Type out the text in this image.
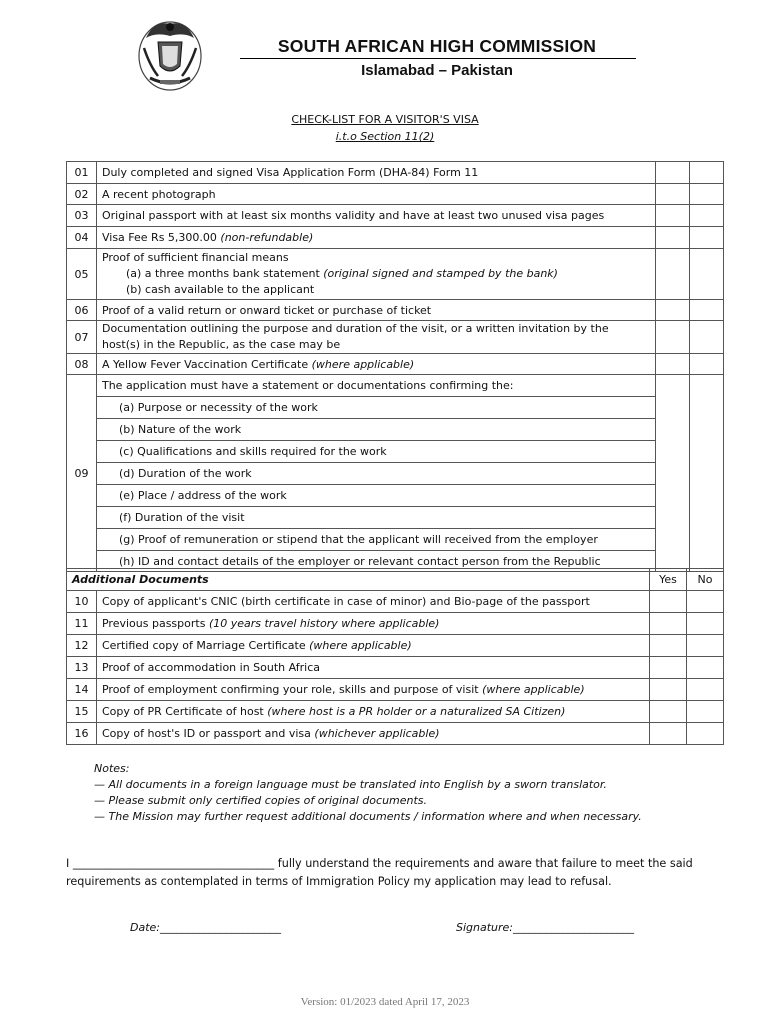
SOUTH AFRICAN HIGH COMMISSION
Islamabad – Pakistan
CHECK-LIST FOR A VISITOR'S VISA
i.t.o Section 11(2)
01	Duly completed and signed Visa Application Form (DHA-84) Form 11		
02	A recent photograph		
03	Original passport with at least six months validity and have at least two unused visa pages		
04	Visa Fee Rs 5,300.00 (non-refundable)		
05	Proof of sufficient financial means
(a) a three months bank statement (original signed and stamped by the bank)
(b) cash available to the applicant		

06	Proof of a valid return or onward ticket or purchase of ticket		
07	Documentation outlining the purpose and duration of the visit, or a written invitation by the host(s) in the Republic, as the case may be		
08	A Yellow Fever Vaccination Certificate (where applicable)		
09	The application must have a statement or documentations confirming the:		
	(a) Purpose or necessity of the work		
	(b) Nature of the work		
	(c) Qualifications and skills required for the work		
	(d) Duration of the work		
	(e) Place / address of the work		
	(f) Duration of the visit		
	(g) Proof of remuneration or stipend that the applicant will received from the employer		
	(h) ID and contact details of the employer or relevant contact person from the Republic		
Additional Documents		Yes	No
10	Copy of applicant's CNIC (birth certificate in case of minor) and Bio-page of the passport		
11	Previous passports (10 years travel history where applicable)		
12	Certified copy of Marriage Certificate (where applicable)		
13	Proof of accommodation in South Africa		
14	Proof of employment confirming your role, skills and purpose of visit (where applicable)		
15	Copy of PR Certificate of host (where host is a PR holder or a naturalized SA Citizen)		
16	Copy of host's ID or passport and visa (whichever applicable)		
Notes:
— All documents in a foreign language must be translated into English by a sworn translator.
— Please submit only certified copies of original documents.
— The Mission may further request additional documents / information where and when necessary.
I ____________________________________ fully understand the requirements and aware that failure to meet the said requirements as contemplated in terms of Immigration Policy my application may lead to refusal.
Date:______________________	Signature:______________________
Version: 01/2023 dated April 17, 2023
